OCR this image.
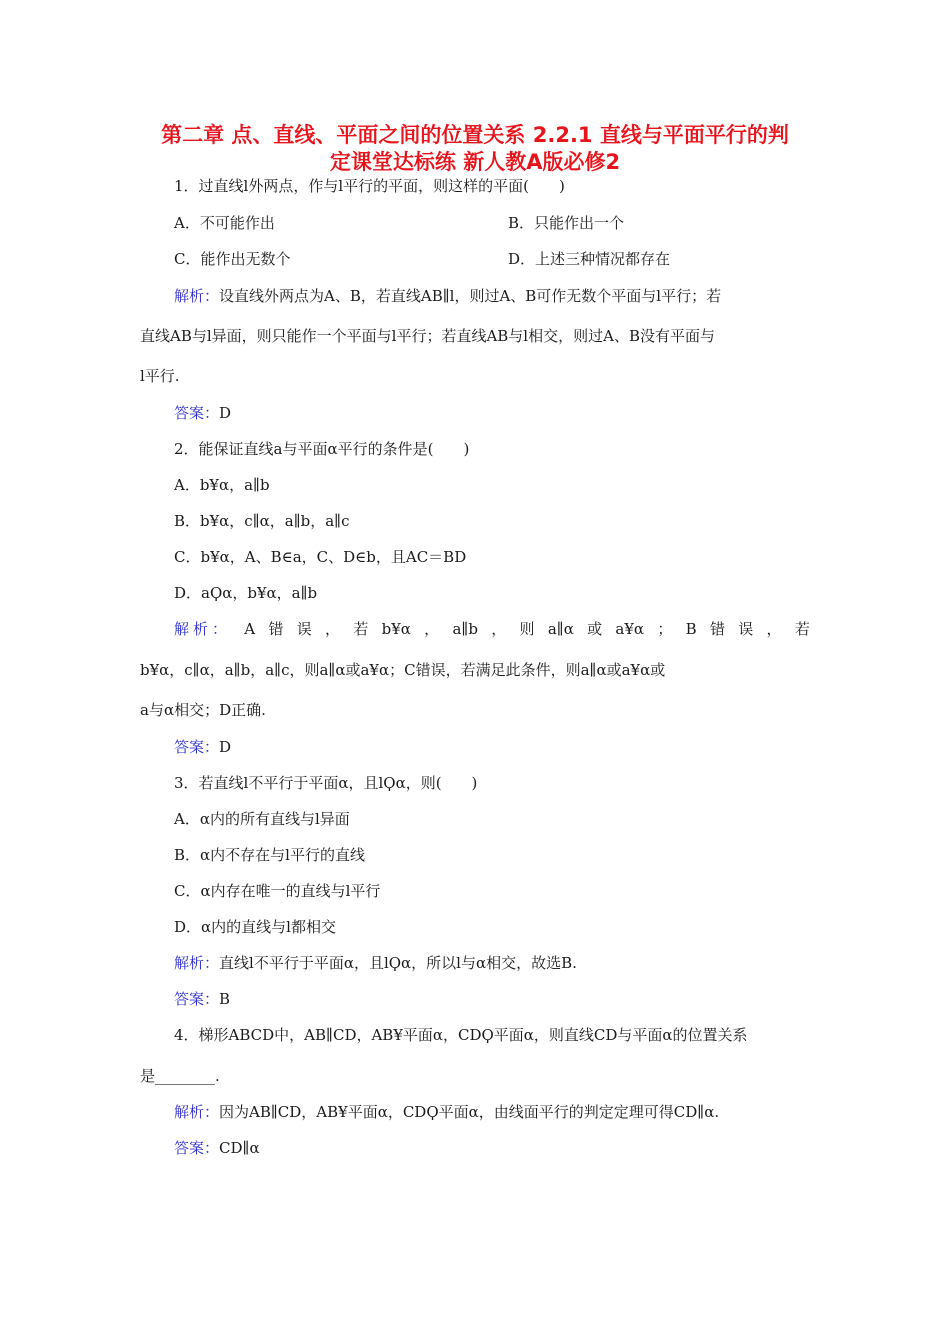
第二章 点、直线、平面之间的位置关系 2.2.1 直线与平面平行的判
定课堂达标练 新人教A版必修2
1．过直线l外两点，作与l平行的平面，则这样的平面(　　)
A．不可能作出	B．只能作出一个
C．能作出无数个	D．上述三种情况都存在
解析：设直线外两点为A、B，若直线AB∥l，则过A、B可作无数个平面与l平行；若
直线AB与l异面，则只能作一个平面与l平行；若直线AB与l相交，则过A、B没有平面与
l平行.
答案：D
2．能保证直线a与平面α平行的条件是(　　)
A．b¥α，a∥b
B．b¥α，c∥α，a∥b，a∥c
C．b¥α，A、B∈a，C、D∈b，且AC＝BD
D．aϘα，b¥α，a∥b
解析： A 错 误 ， 若 b¥α ， a∥b ， 则 a∥α 或 a¥α ； B 错 误 ， 若
b¥α，c∥α，a∥b，a∥c，则a∥α或a¥α；C错误，若满足此条件，则a∥α或a¥α或
a与α相交；D正确.
答案：D
3．若直线l不平行于平面α，且lϘα，则(　　)
A．α内的所有直线与l异面
B．α内不存在与l平行的直线
C．α内存在唯一的直线与l平行
D．α内的直线与l都相交
解析：直线l不平行于平面α，且lϘα，所以l与α相交，故选B.
答案：B
4．梯形ABCD中，AB∥CD，AB¥平面α，CDϘ平面α，则直线CD与平面α的位置关系
是________.
解析：因为AB∥CD，AB¥平面α，CDϘ平面α，由线面平行的判定定理可得CD∥α.
答案：CD∥α
